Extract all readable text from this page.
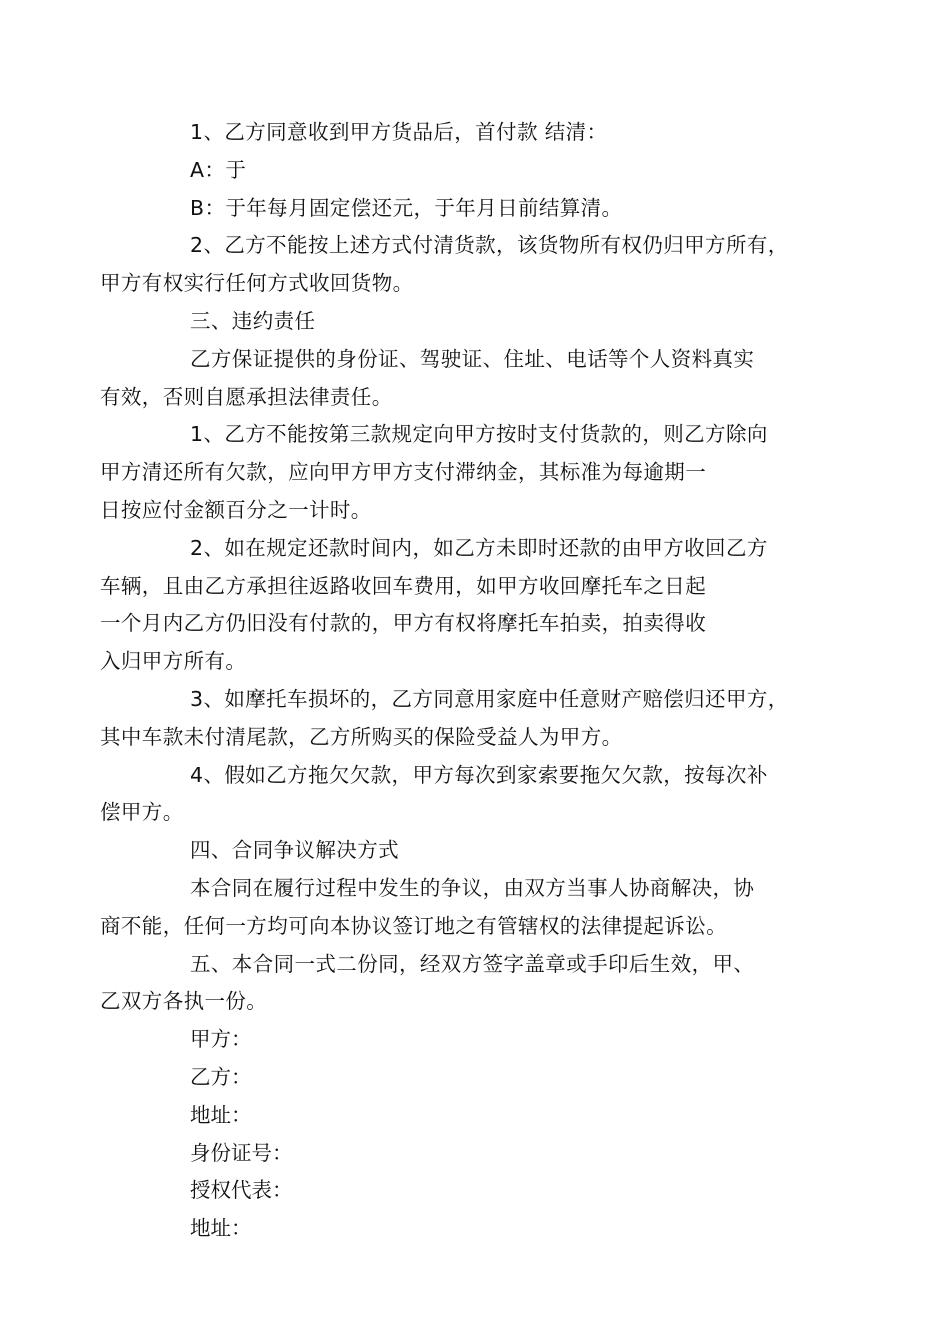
1、乙方同意收到甲方货品后，首付款 结清：

A：于

B：于年每月固定偿还元，于年月日前结算清。

2、乙方不能按上述方式付清货款，该货物所有权仍归甲方所有，
甲方有权实行任何方式收回货物。

三、违约责任

乙方保证提供的身份证、驾驶证、住址、电话等个人资料真实
有效，否则自愿承担法律责任。

1、乙方不能按第三款规定向甲方按时支付货款的，则乙方除向
甲方清还所有欠款，应向甲方甲方支付滞纳金，其标准为每逾期一
日按应付金额百分之一计时。

2、如在规定还款时间内，如乙方未即时还款的由甲方收回乙方
车辆，且由乙方承担往返路收回车费用，如甲方收回摩托车之日起
一个月内乙方仍旧没有付款的，甲方有权将摩托车拍卖，拍卖得收
入归甲方所有。

3、如摩托车损坏的，乙方同意用家庭中任意财产赔偿归还甲方，
其中车款未付清尾款，乙方所购买的保险受益人为甲方。

4、假如乙方拖欠欠款，甲方每次到家索要拖欠欠款，按每次补
偿甲方。

四、合同争议解决方式

本合同在履行过程中发生的争议，由双方当事人协商解决，协
商不能，任何一方均可向本协议签订地之有管辖权的法律提起诉讼。

五、本合同一式二份同，经双方签字盖章或手印后生效，甲、
乙双方各执一份。

甲方：

乙方：

地址：

身份证号：

授权代表：

地址：
